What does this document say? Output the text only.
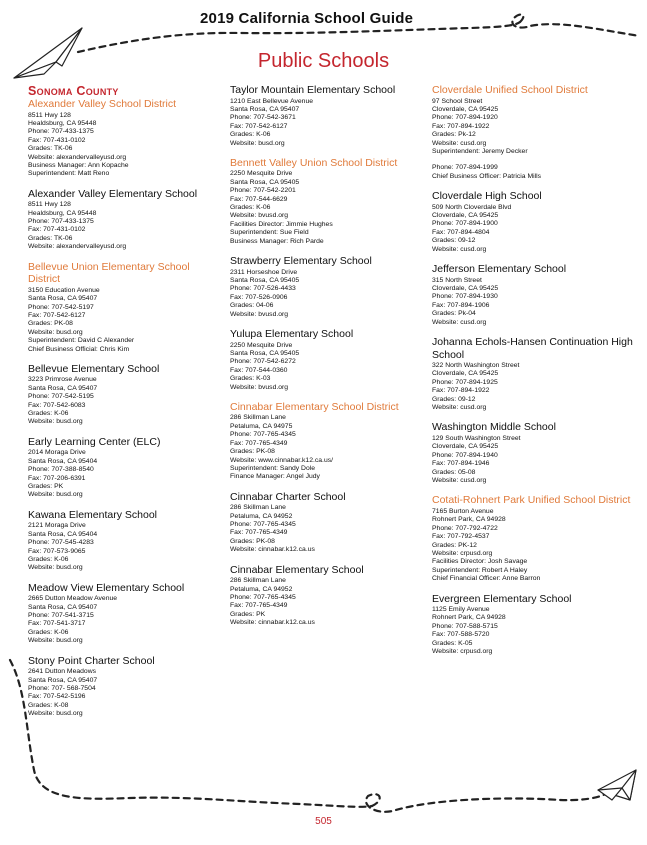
2019 California School Guide
Public Schools
Sonoma County
Alexander Valley School District
8511 Hwy 128
Healdsburg, CA 95448
Phone: 707-433-1375
Fax: 707-431-0102
Grades: TK-06
Website: alexandervalleyusd.org
Business Manager: Ann Kopache
Superintendent: Matt Reno
Alexander Valley Elementary School
8511 Hwy 128
Healdsburg, CA 95448
Phone: 707-433-1375
Fax: 707-431-0102
Grades: TK-06
Website: alexandervalleyusd.org
Bellevue Union Elementary School District
3150 Education Avenue
Santa Rosa, CA 95407
Phone: 707-542-5197
Fax: 707-542-6127
Grades: PK-08
Website: busd.org
Superintendent: David C Alexander
Chief Business Official: Chris Kim
Bellevue Elementary School
3223 Primrose Avenue
Santa Rosa, CA 95407
Phone: 707-542-5195
Fax: 707-542-6083
Grades: K-06
Website: busd.org
Early Learning Center (ELC)
2014 Moraga Drive
Santa Rosa, CA 95404
Phone: 707-388-8540
Fax: 707-206-6391
Grades: PK
Website: busd.org
Kawana Elementary School
2121 Moraga Drive
Santa Rosa, CA 95404
Phone: 707-545-4283
Fax: 707-573-9065
Grades: K-06
Website: busd.org
Meadow View Elementary School
2665 Dutton Meadow Avenue
Santa Rosa, CA 95407
Phone: 707-541-3715
Fax: 707-541-3717
Grades: K-06
Website: busd.org
Stony Point Charter School
2641 Dutton Meadows
Santa Rosa, CA 95407
Phone: 707- 568-7504
Fax: 707-542-5196
Grades: K-08
Website: busd.org
Taylor Mountain Elementary School
1210 East Bellevue Avenue
Santa Rosa, CA 95407
Phone: 707-542-3671
Fax: 707-542-6127
Grades: K-06
Website: busd.org
Bennett Valley Union School District
2250 Mesquite Drive
Santa Rosa, CA 95405
Phone: 707-542-2201
Fax: 707-544-6629
Grades: K-06
Website: bvusd.org
Facilities Director: Jimmie Hughes
Superintendent: Sue Field
Business Manager: Rich Parde
Strawberry Elementary School
2311 Horseshoe Drive
Santa Rosa, CA 95405
Phone: 707-526-4433
Fax: 707-526-0906
Grades: 04-06
Website: bvusd.org
Yulupa Elementary School
2250 Mesquite Drive
Santa Rosa, CA 95405
Phone: 707-542-6272
Fax: 707-544-0360
Grades: K-03
Website: bvusd.org
Cinnabar Elementary School District
286 Skillman Lane
Petaluma, CA 94975
Phone: 707-765-4345
Fax: 707-765-4349
Grades: PK-08
Website: www.cinnabar.k12.ca.us/
Superintendent: Sandy Dole
Finance Manager: Angel Judy
Cinnabar Charter School
286 Skillman Lane
Petaluma, CA 94952
Phone: 707-765-4345
Fax: 707-765-4349
Grades: PK-08
Website: cinnabar.k12.ca.us
Cinnabar Elementary School
286 Skillman Lane
Petaluma, CA 94952
Phone: 707-765-4345
Fax: 707-765-4349
Grades: PK
Website: cinnabar.k12.ca.us
Cloverdale Unified School District
97 School Street
Cloverdale, CA 95425
Phone: 707-894-1920
Fax: 707-894-1922
Grades: Pk-12
Website: cusd.org
Superintendent: Jeremy Decker
Phone: 707-894-1999
Chief Business Officer: Patricia Mills
Cloverdale High School
509 North Cloverdale Blvd
Cloverdale, CA 95425
Phone: 707-894-1900
Fax: 707-894-4804
Grades: 09-12
Website: cusd.org
Jefferson Elementary School
315 North Street
Cloverdale, CA 95425
Phone: 707-894-1930
Fax: 707-894-1906
Grades: Pk-04
Website: cusd.org
Johanna Echols-Hansen Continuation High School
322 North Washington Street
Cloverdale, CA 95425
Phone: 707-894-1925
Fax: 707-894-1922
Grades: 09-12
Website: cusd.org
Washington Middle School
129 South Washington Street
Cloverdale, CA 95425
Phone: 707-894-1940
Fax: 707-894-1946
Grades: 05-08
Website: cusd.org
Cotati-Rohnert Park Unified School District
7165 Burton Avenue
Rohnert Park, CA 94928
Phone: 707-792-4722
Fax: 707-792-4537
Grades: PK-12
Website: crpusd.org
Facilities Director: Josh Savage
Superintendent: Robert A Haley
Chief Financial Officer: Anne Barron
Evergreen Elementary School
1125 Emily Avenue
Rohnert Park, CA 94928
Phone: 707-588-5715
Fax: 707-588-5720
Grades: K-05
Website: crpusd.org
505
